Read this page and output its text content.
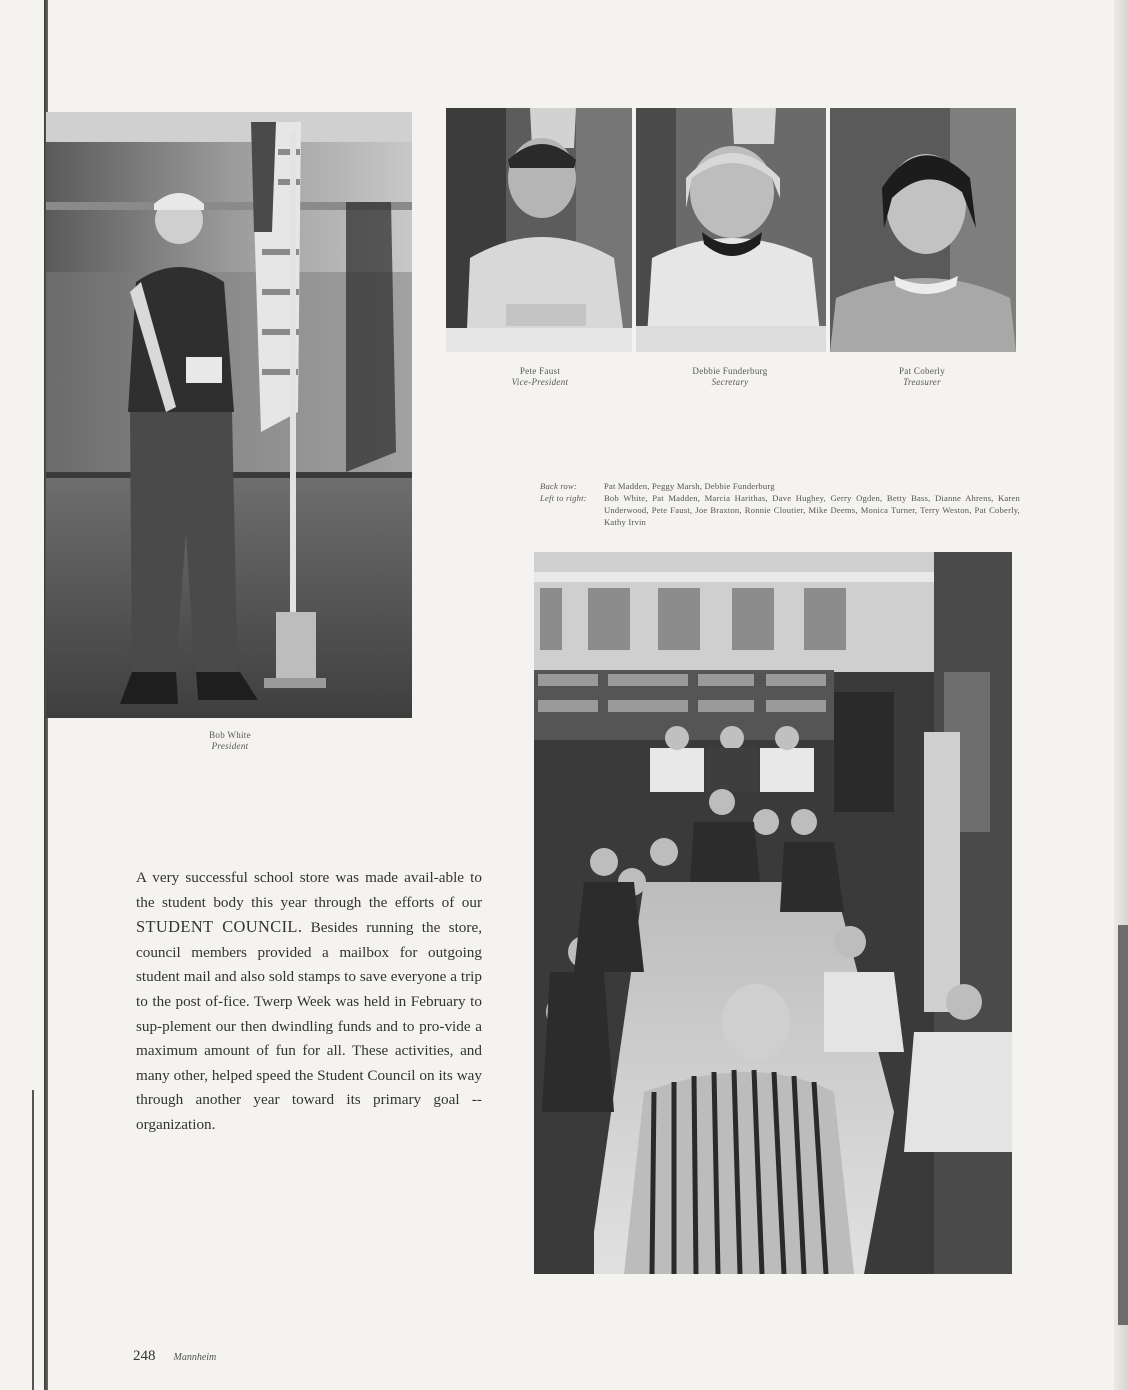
Bob White
President
Pete Faust
Vice-President
Debbie Funderburg
Secretary
Pat Coberly
Treasurer
Back row:	Pat Madden, Peggy Marsh, Debbie Funderburg
Left to right:	Bob White, Pat Madden, Marcia Harithas, Dave Hughey, Gerry Ogden, Betty Bass, Dianne Ahrens, Karen Underwood, Pete Faust, Joe Braxton, Ronnie Cloutier, Mike Deems, Monica Turner, Terry Weston, Pat Coberly, Kathy Irvin
A very successful school store was made avail-able to the student body this year through the efforts of our STUDENT COUNCIL. Besides running the store, council members provided a mailbox for outgoing student mail and also sold stamps to save everyone a trip to the post of-fice. Twerp Week was held in February to sup-plement our then dwindling funds and to pro-vide a maximum amount of fun for all. These activities, and many other, helped speed the Student Council on its way through another year toward its primary goal -- organization.
248 Mannheim
